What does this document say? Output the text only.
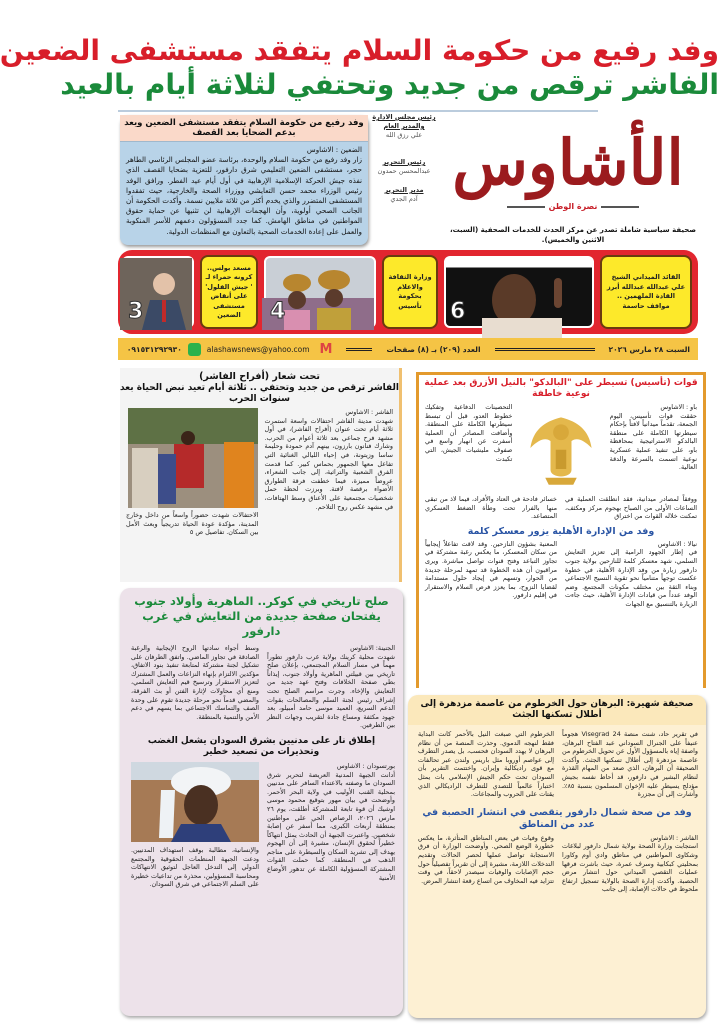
وفد رفيع من حكومة السلام يتفقد مستشفى الضعين
الفاشر ترقص من جديد وتحتفي لثلاثة أيام بالعيد
وفد رفيع من حكومة السلام يتفقد مستشفى الضعين ويعد بدعم الضحايا بعد القصف
الضعين : الاشاوس
زار وفد رفيع من حكومة السلام والوحدة، برئاسة عضو المجلس الرئاسي الطاهر حجر، مستشفى الضعين التعليمي شرق دارفور، للتعزية بضحايا القصف الذي نفذه جيش الحركة الإسلامية الإرهابية في أول أيام عيد الفطر. ورافق الوفد رئيس الوزراء محمد حسن التعايشي ووزراء الصحة والخارجية، حيث تفقدوا المستشفى المتضرر والذي يخدم أكثر من ثلاثة ملايين نسمة. وأكدت الحكومة أن الجانب الصحي أولوية، وأن الهجمات الإرهابية لن تثنيها عن حماية حقوق المواطنين في مناطق الهامش. كما جدد المسؤولون دعمهم للأسر المنكوبة والعمل على إعادة الخدمات الصحية بالتعاون مع المنظمات الدولية.
رئيس مجلس الادارة والمدير العام
علي رزق الله
رئيس التحرير
عبدالمحسن حمدون
مدير التحرير
آدم الجدي الأشاوس
نصرة الوطن
صحيفة سياسية شاملة تصدر عن مركز الحدث للخدمات الصحفية (السبت، الاثنين والخميس).
القائد الميداني الشيخ علي عبدالله عبدالله أبرز القادة الملهمين .. مواقف حاسمة
6
وزارة الثقافة والاعلام بحكومة تأسيس
4
مسعد بولس.. كرونه حمراء لـ ' جيش الفلول' على أنقاض مستشفى الضعين
3
السبت ٢٨ مارس ٢٠٢٦
العدد (٢٠٩) بـ (٨) صفحات
M
alashawsnews@yahoo.com
٠٩١٥٣١٢٩٢٩٣٠
قوات (تأسيس) تسيطر على "البالدكو" بالنيل الأزرق بعد عملية نوعية خاطفة
باو : الاشاوس
حققت قوات تأسيس، اليوم الجمعة، تقدماً ميدانياً لافتاً بإحكام سيطرتها الكاملة على منطقة البالدكو الاستراتيجية بمحافظة باو، على تنفيذ عملية عسكرية نوعية اتسمت بالسرعة والدقة العالية.
التحصينات الدفاعية وتفكيك خطوط العدو، قبل أن تبسط سيطرتها الكاملة على المنطقة. وأضافت المصادر أن العملية أسفرت عن انهيار واسع في صفوف مليشيات الجيش، التي تكبدت
ووفقاً لمصادر ميدانية، فقد انطلقت العملية في الساعات الأولى من الصباح بهجوم مركز ومكثف، تمكنت خلاله القوات من اختراق
خسائر فادحة في العتاد والأفراد، فيما لاذ من تبقى منها بالفرار تحت وطأة الضغط العسكري المتصاعد.
وفد من الإدارة الأهلية يزور معسكر كلمة
نيالا : الاشاوس
في إطار الجهود الرامية إلى تعزيز التعايش السلمي، شهد معسكر كلمة للنازحين بولاية جنوب دارفور زيارة من وفد الإدارة الأهلية، في خطوة عكست توجهاً متنامياً نحو تقوية النسيج الاجتماعي وبناء الثقة بين مختلف مكونات المجتمع. وضم الوفد عدداً من قيادات الإدارة الأهلية، حيث جاءت الزيارة بالتنسيق مع الجهات
المعنية بشؤون النازحين. وقد لاقت تفاعلاً إيجابياً من سكان المعسكر، ما يعكس رغبة مشتركة في تجاوز التباعد وفتح قنوات تواصل مباشرة. ويرى مراقبون أن هذه الخطوة قد تمهد لمرحلة جديدة من الحوار، وتسهم في إيجاد حلول مستدامة لقضايا النزوح، بما يعزز فرص السلام والاستقرار في إقليم دارفور.
تحت شعار (أفراح الفاشر)
الفاشر ترقص من جديد وتحتفي .. ثلاثة أيام تعيد نبض الحياة بعد سنوات الحرب
الفاشر : الاشاوس
شهدت مدينة الفاشر احتفالات واسعة استمرت ثلاثة أيام تحت عنوان (أفراح الفاشر)، في أول مشهد فرح جماعي بعد ثلاثة أعوام من الحرب. وشارك فنانون بارزون، بينهم آدم حمودة وحليمة ساسا وزيتونة، في إحياء الليالي الغنائية التي تفاعل معها الجمهور بحماس كبير. كما قدمت الفرق الشعبية والتراثية، إلى جانب الشعراء، عروضاً مميزة، فيما خطفت فرقة الطوارق الأضواء برقصة لافتة. وبرزت لحظة حمل شخصيات مجتمعية على الأعناق وسط الهتافات، في مشهد عكس روح التلاحم.
الاحتفالات شهدت حضوراً واسعاً من داخل وخارج المدينة، مؤكدة عودة الحياة تدريجياً وبعث الأمل بين السكان. تفاصيل ص ٥
صلح تاريخي في كوكر.. الماهرية وأولاد جنوب يفتحان صفحة جديدة من التعايش في غرب دارفور
الجنينة: الاشاوس
شهدت محلية كرينك بولاية غرب دارفور تطوراً مهماً في مسار السلام المجتمعي، بإعلان صلح تاريخي بين قبيلتي الماهرية وأولاد جنوب، إيذاناً بطي صفحة الخلافات وفتح عهد جديد من التعايش والإخاء. وجرت مراسم الصلح تحت إشراف رئيس لجنة السلم والمصالحات بقوات الدعم السريع، العميد موسى حامد أمبيلو، بعد جهود مكثفة ومساع جادة لتقريب وجهات النظر بين الطرفين.
وسط أجواء سادتها الروح الإيجابية والرغبة الصادقة في تجاوز الماضي. واتفق الطرفان على تشكيل لجنة مشتركة لمتابعة تنفيذ بنود الاتفاق، مؤكدين الالتزام بإنهاء النزاعات والعمل المشترك لتعزيز الاستقرار وترسيخ قيم التعايش السلمي، ومنع أي محاولات لإثارة الفتن أو بث الفرقة، والمضي قدماً نحو مرحلة جديدة تقوم على وحدة الصف والتماسك الاجتماعي بما يسهم في دعم الأمن والتنمية بالمنطقة.
إطلاق نار على مدنيين بشرق السودان يشعل الغضب وتحذيرات من تصعيد خطير
بورتسودان : الاشاوس
أدانت الجبهة المدنية العريضة لتحرير شرق السودان ما وصفته بالاعتداء السافر على مدنيين بمحلية القنب الأوليب في ولاية البحر الأحمر. وأوضحت في بيان مهور بتوقيع محمود موسى اوشيك أن قوة تابعة للمشتركة أطلقت، يوم ٢٦ مارس ٢٠٢٦، الرصاص الحي على مواطنين بمنطقة أربعات الكبرى، مما أسفر عن إصابة شخصين. واعتبرت الجبهة أن الحادث يمثل انتهاكاً خطيراً لحقوق الإنسان، مشيرة إلى أن الهجوم يهدف إلى تشريد السكان والسيطرة على مناجم الذهب في المنطقة. كما حملت القوات المشتركة المسؤولية الكاملة عن تدهور الأوضاع الأمنية
والإنسانية، مطالبة بوقف استهداف المدنيين. ودعت الجبهة المنظمات الحقوقية والمجتمع الدولي إلى التدخل العاجل لتوثيق الانتهاكات ومحاسبة المسؤولين، محذرة من تداعيات خطيرة على السلم الاجتماعي في شرق السودان.
صحيفة شهيرة: البرهان حول الخرطوم من عاصمة مزدهرة إلى أطلال تسكنها الجثث
في تقرير حاد، شنت منصة Visegrad 24 هجوماً عنيفاً على الجنرال السوداني عبد الفتاح البرهان، واصفة إياه بالمسؤول الأول عن تحويل الخرطوم من عاصمة مزدهرة إلى أطلال تسكنها الجثث. وأكدت الصحيفة أن البرهان، الذي صعد من المهام القذرة لنظام البشير في دارفور، قد أحاط نفسه بجيش مؤدلج يسيطر عليه الإخوان المسلمون بنسبة ٨٥٪. وأشارت إلى أن مجزرة
الخرطوم التي صبغت النيل بالأحمر كانت البداية فقط لنهجه الدموي. وحذرت المنصة من أن نظام البرهان لا يهدد السودان فحسب، بل يصدر التطرف إلى عواصم أوروبا مثل باريس ولندن عبر تحالفات مع قوى راديكالية وإيران. واختتمت التقرير بأن السودان تحت حكم الجيش الإسلامي بات يمثل اختباراً عالمياً للتصدي للتطرف الراديكالي الذي يقتات على الحروب والمجاعات.
وفد من صحة شمال دارفور يتقصى في انتشار الحصبة في عدد من المناطق
الفاشر : الاشاوس
استجابت وزارة الصحة بولاية شمال دارفور لبلاغات وشكاوى المواطنين في مناطق وادي أوم وكاورا بمحليتي كبكابية وسرف عمرة، حيث باشرت فرقها عمليات التقصي الميداني حول انتشار مرض الحصبة. وأكدت إدارة الصحة بالولاية تسجيل ارتفاع ملحوظ في حالات الإصابة، إلى جانب
وقوع وفيات في بعض المناطق المتأثرة، ما يعكس خطورة الوضع الصحي. وأوضحت الوزارة أن فرق الاستجابة تواصل عملها لحصر الحالات وتقديم التدخلات اللازمة، مشيرة إلى أن تقريراً تفصيلياً حول حجم الإصابات والوفيات سيصدر لاحقاً، في وقت تتزايد فيه المخاوف من اتساع رقعة انتشار المرض.
